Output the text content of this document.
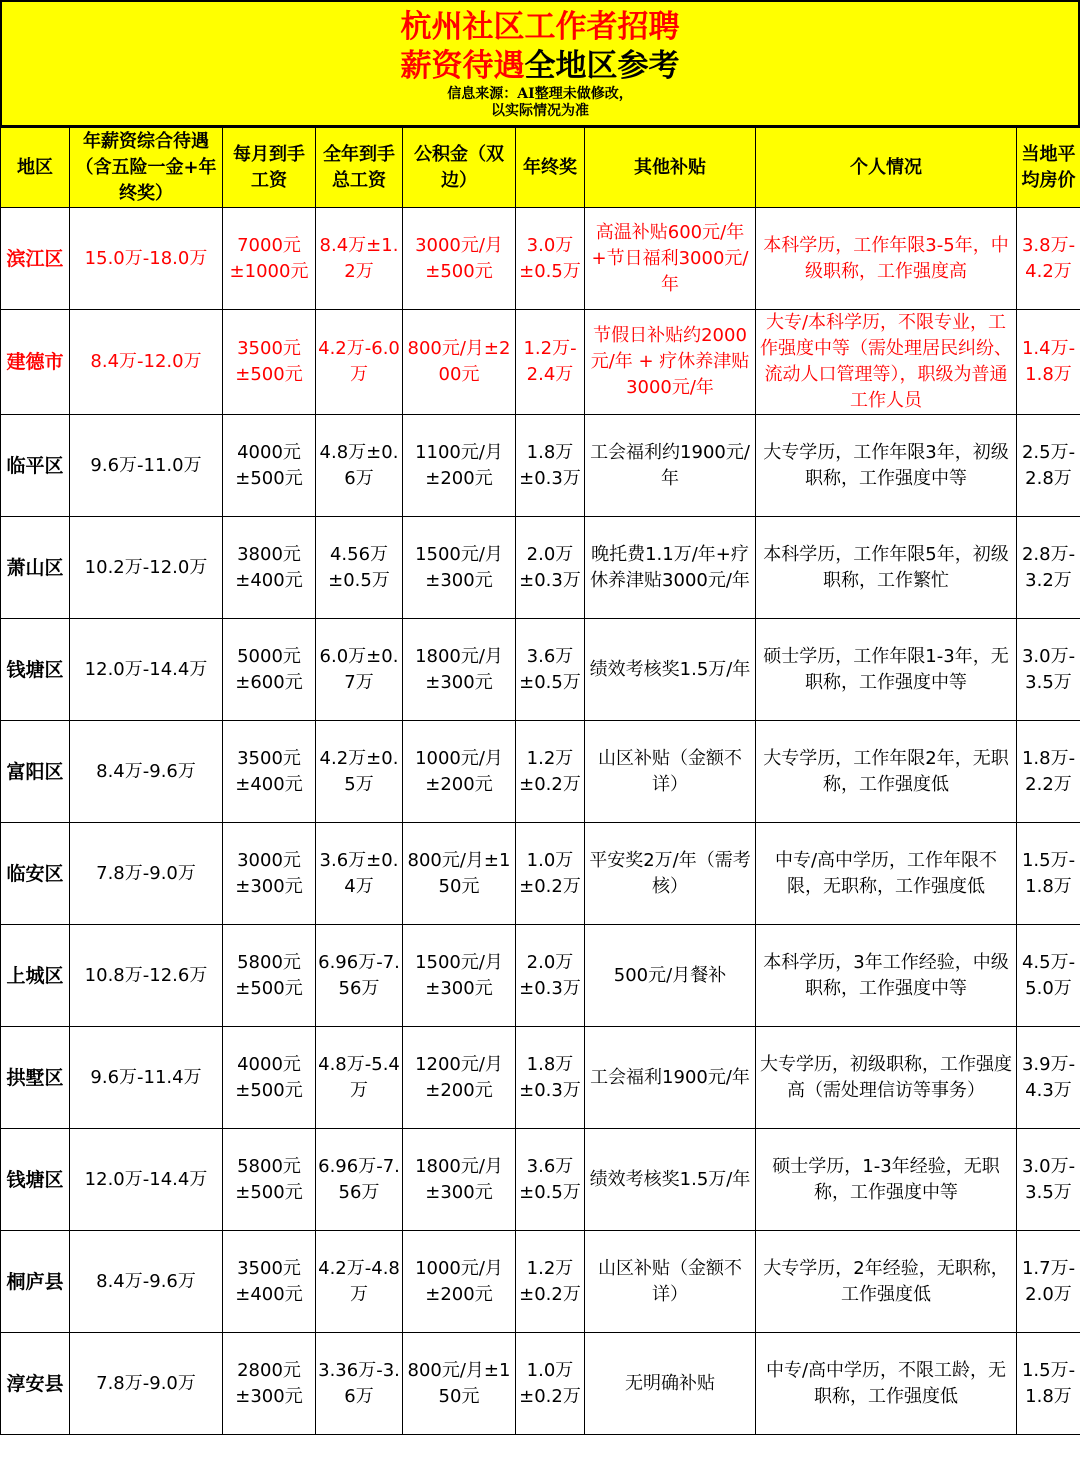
杭州社区工作者招聘
薪资待遇全地区参考
信息来源：AI整理未做修改，
以实际情况为准
地区	年薪资综合待遇（含五险一金+年终奖）	每月到手工资	全年到手总工资	公积金（双边）	年终奖	其他补贴	个人情况	当地平均房价
滨江区	15.0万-18.0万	7000元±1000元	8.4万±1.2万	3000元/月±500元	3.0万±0.5万	高温补贴600元/年+节日福利3000元/年	本科学历，工作年限3-5年，中级职称，工作强度高	3.8万-4.2万
建德市	8.4万-12.0万	3500元±500元	4.2万-6.0万	800元/月±200元	1.2万-2.4万	节假日补贴约2000元/年 + 疗休养津贴3000元/年	大专/本科学历，不限专业，工作强度中等（需处理居民纠纷、流动人口管理等），职级为普通工作人员	1.4万-1.8万
临平区	9.6万-11.0万	4000元±500元	4.8万±0.6万	1100元/月±200元	1.8万±0.3万	工会福利约1900元/年	大专学历，工作年限3年，初级职称，工作强度中等	2.5万-2.8万
萧山区	10.2万-12.0万	3800元±400元	4.56万±0.5万	1500元/月±300元	2.0万±0.3万	晚托费1.1万/年+疗休养津贴3000元/年	本科学历，工作年限5年，初级职称，工作繁忙	2.8万-3.2万
钱塘区	12.0万-14.4万	5000元±600元	6.0万±0.7万	1800元/月±300元	3.6万±0.5万	绩效考核奖1.5万/年	硕士学历，工作年限1-3年，无职称，工作强度中等	3.0万-3.5万
富阳区	8.4万-9.6万	3500元±400元	4.2万±0.5万	1000元/月±200元	1.2万±0.2万	山区补贴（金额不详）	大专学历，工作年限2年，无职称，工作强度低	1.8万-2.2万
临安区	7.8万-9.0万	3000元±300元	3.6万±0.4万	800元/月±150元	1.0万±0.2万	平安奖2万/年（需考核）	中专/高中学历，工作年限不限，无职称，工作强度低	1.5万-1.8万
上城区	10.8万-12.6万	5800元±500元	6.96万-7.56万	1500元/月±300元	2.0万±0.3万	500元/月餐补	本科学历，3年工作经验，中级职称，工作强度中等	4.5万-5.0万
拱墅区	9.6万-11.4万	4000元±500元	4.8万-5.4万	1200元/月±200元	1.8万±0.3万	工会福利1900元/年	大专学历，初级职称，工作强度高（需处理信访等事务）	3.9万-4.3万
钱塘区	12.0万-14.4万	5800元±500元	6.96万-7.56万	1800元/月±300元	3.6万±0.5万	绩效考核奖1.5万/年	硕士学历，1-3年经验，无职称，工作强度中等	3.0万-3.5万
桐庐县	8.4万-9.6万	3500元±400元	4.2万-4.8万	1000元/月±200元	1.2万±0.2万	山区补贴（金额不详）	大专学历，2年经验，无职称，工作强度低	1.7万-2.0万
淳安县	7.8万-9.0万	2800元±300元	3.36万-3.6万	800元/月±150元	1.0万±0.2万	无明确补贴	中专/高中学历，不限工龄，无职称，工作强度低	1.5万-1.8万
